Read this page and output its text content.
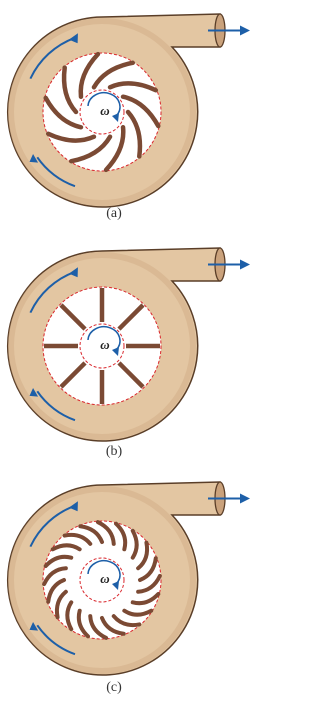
ω
(a)
ω
(b)
ω
(c)
